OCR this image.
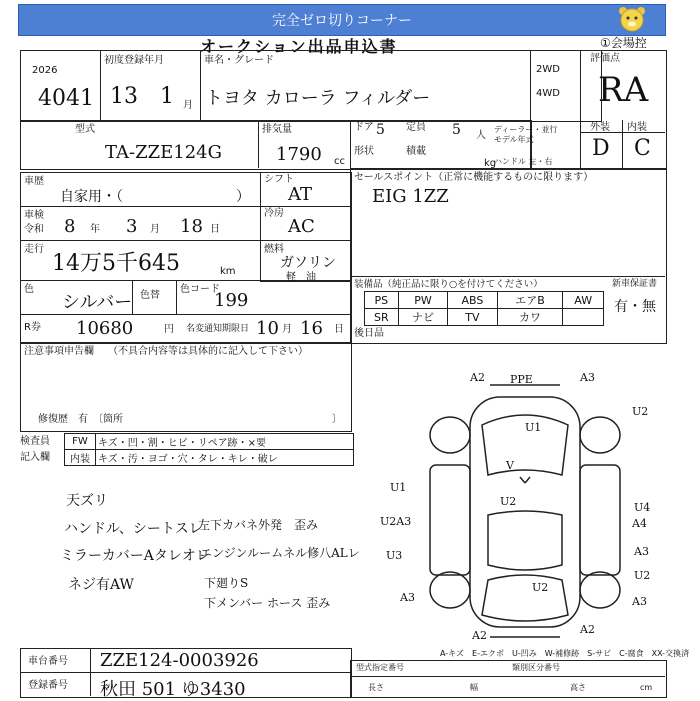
完全ゼロ切りコーナー
オークション出品申込書	①会場控
2026
4041
初度登録年月
13 1 月
車名・グレード
トヨタ カローラ フィルダー
2WD
4WD
評価点
RA
型式
TA-ZZE124G
排気量
1790 cc
ドア 5 定員 5 人
形状	積載
kg
ディーラー・並行
モデル年式
ハンドル 左・右
外装 内装
D C
車歴
自家用・（	）
車検
令和 8 年 3 月 18 日
走行
14万5千645	km
色
シルバー 色替
色コード
199
R券 10680	円 名変通知期限日 10 月 16 日
シフト
AT
冷房
AC
燃料
ガソリン
軽　油
セールスポイント（正常に機能するものに限ります）
EIG 1ZZ
装備品（純正品に限り○を付けてください）	新車保証書
有・無
PS	PW	ABS	エアB	AW
SR	ナビ	TV	カワ	
後日品
注意事項申告欄 （不具合内容等は具体的に記入して下さい）
修復歴　有　〔箇所	〕
検査員
記入欄
FW	キズ・凹・割・ヒビ・リペア跡・×要
内装	キズ・汚・ヨゴ・穴・タレ・キレ・破レ
天ズリ
ハンドル、シートスレ
ミラーカバーAタレオレ
ネジ有AW
左下カバネ外発　歪み
エンジンルームネル修八ALレ
下廻りS
下メンバー ホース 歪み
A2 PPE	A3
U1
U2
V
U1
U2	U4
A4
U2A3
U3	A3
U2
U2
A3
A2	A2
A3
A-キズ　E-エクボ　U-凹み　W-補修跡　S-サビ　C-腐食　XX-交換済
車台番号 ZZE124-0003926
登録番号 秋田 501 ゆ3430
型式指定番号	類別区分番号
長さ	幅	高さ	cm
